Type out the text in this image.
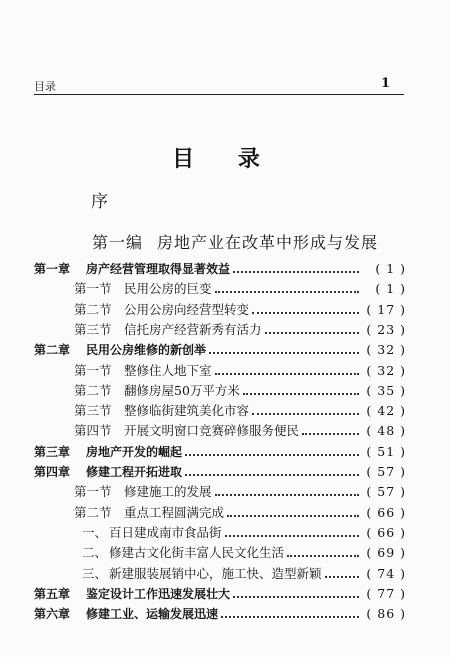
目录	1
目 录
序
第一编 房地产业在改革中形成与发展
第一章	房产经营管理取得显著效益	( 1 )
第一节 民用公房的巨变	( 1 )
第二节 公用公房向经营型转变	( 17 )
第三节 信托房产经营新秀有活力	( 23 )
第二章	民用公房维修的新创举	( 32 )
第一节 整修住人地下室	( 32 )
第二节 翻修房屋50万平方米	( 35 )
第三节 整修临街建筑美化市容	( 42 )
第四节 开展文明窗口竞赛碎修服务便民	( 48 )
第三章	房地产开发的崛起	( 51 )
第四章	修建工程开拓进取	( 57 )
第一节 修建施工的发展	( 57 )
第二节 重点工程圆满完成	( 66 )
一、 百日建成南市食品街	( 66 )
二、 修建古文化街丰富人民文化生活	( 69 )
三、 新建服装展销中心，施工快、造型新颖	( 74 )
第五章	鉴定设计工作迅速发展壮大	( 77 )
第六章	修建工业、运输发展迅速	( 86 )
